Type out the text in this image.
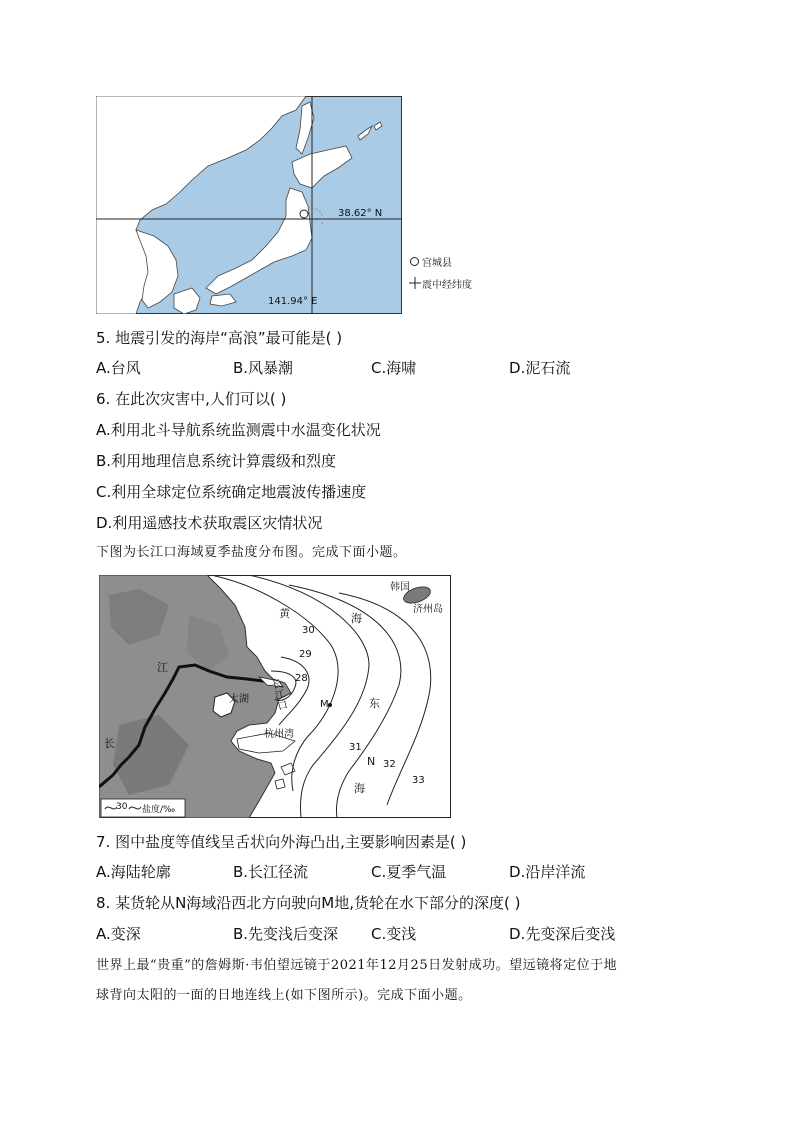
38.62° N
141.94° E
宫城县
震中经纬度
5. 地震引发的海岸“高浪”最可能是( )
A.台风	B.风暴潮	C.海啸	D.泥石流
6. 在此次灾害中,人们可以( )
A.利用北斗导航系统监测震中水温变化状况
B.利用地理信息系统计算震级和烈度
C.利用全球定位系统确定地震波传播速度
D.利用遥感技术获取震区灾情状况
下图为长江口海域夏季盐度分布图。完成下面小题。
韩国
济州岛
黄	海
东
海
江
长
太湖
长江口
杭州湾
M
N
30
29
28
31
32
33
30 盐度/‰
7. 图中盐度等值线呈舌状向外海凸出,主要影响因素是( )
A.海陆轮廓	B.长江径流	C.夏季气温	D.沿岸洋流
8. 某货轮从N海域沿西北方向驶向M地,货轮在水下部分的深度( )
A.变深	B.先变浅后变深 C.变浅	D.先变深后变浅
世界上最“贵重”的詹姆斯·韦伯望远镜于2021年12月25日发射成功。望远镜将定位于地
球背向太阳的一面的日地连线上(如下图所示)。完成下面小题。
